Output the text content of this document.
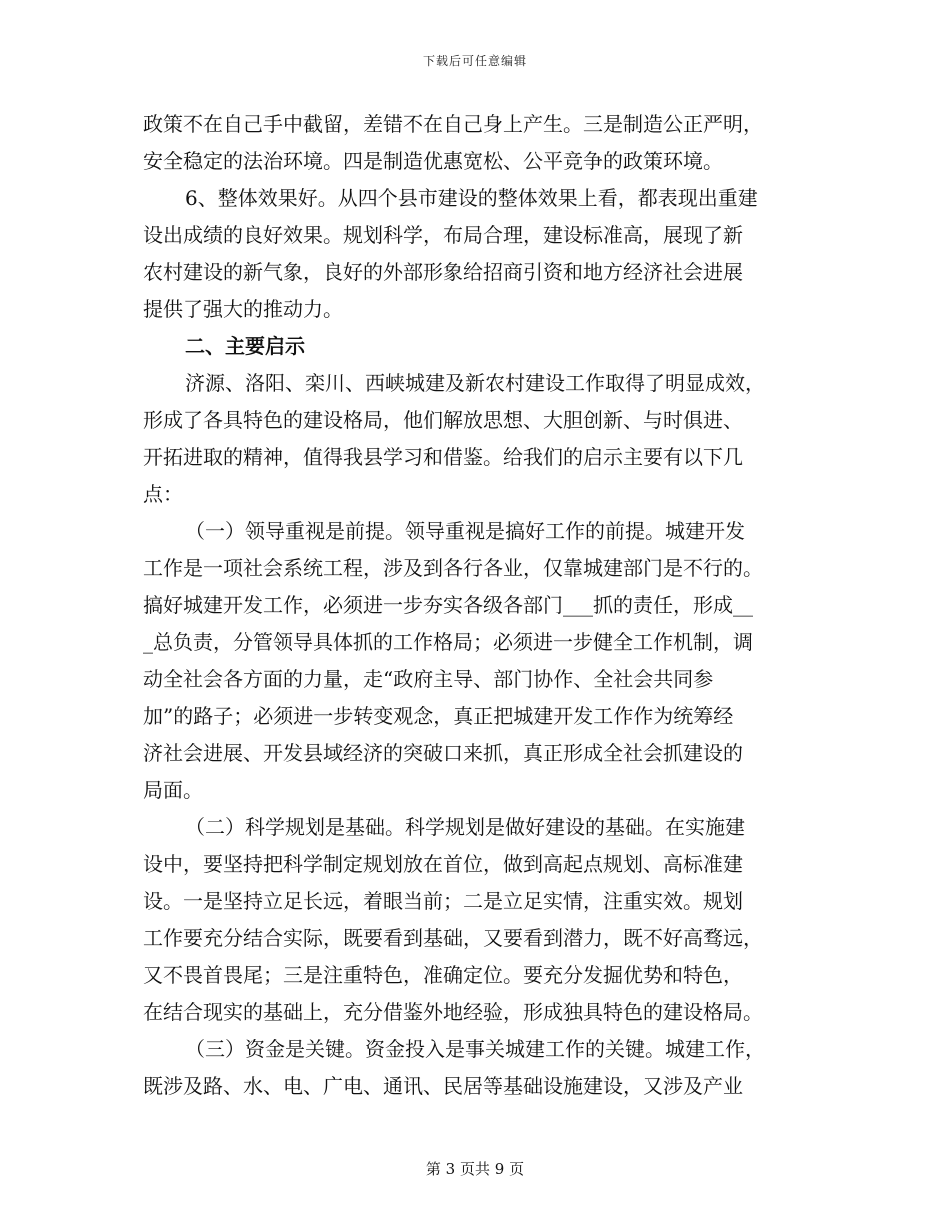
下载后可任意编辑
政策不在自己手中截留，差错不在自己身上产生。三是制造公正严明，
安全稳定的法治环境。四是制造优惠宽松、公平竞争的政策环境。
6、整体效果好。从四个县市建设的整体效果上看，都表现出重建
设出成绩的良好效果。规划科学，布局合理，建设标准高，展现了新
农村建设的新气象，良好的外部形象给招商引资和地方经济社会进展
提供了强大的推动力。
二、主要启示
济源、洛阳、栾川、西峡城建及新农村建设工作取得了明显成效，
形成了各具特色的建设格局，他们解放思想、大胆创新、与时俱进、
开拓进取的精神，值得我县学习和借鉴。给我们的启示主要有以下几
点：
（一）领导重视是前提。领导重视是搞好工作的前提。城建开发
工作是一项社会系统工程，涉及到各行各业，仅靠城建部门是不行的。
搞好城建开发工作，必须进一步夯实各级各部门___抓的责任，形成__
_总负责，分管领导具体抓的工作格局；必须进一步健全工作机制，调
动全社会各方面的力量，走“政府主导、部门协作、全社会共同参
加”的路子；必须进一步转变观念，真正把城建开发工作作为统筹经
济社会进展、开发县域经济的突破口来抓，真正形成全社会抓建设的
局面。
（二）科学规划是基础。科学规划是做好建设的基础。在实施建
设中，要坚持把科学制定规划放在首位，做到高起点规划、高标准建
设。一是坚持立足长远，着眼当前；二是立足实情，注重实效。规划
工作要充分结合实际，既要看到基础，又要看到潜力，既不好高骛远，
又不畏首畏尾；三是注重特色，准确定位。要充分发掘优势和特色，
在结合现实的基础上，充分借鉴外地经验，形成独具特色的建设格局。
（三）资金是关键。资金投入是事关城建工作的关键。城建工作，
既涉及路、水、电、广电、通讯、民居等基础设施建设，又涉及产业
第 3 页共 9 页
